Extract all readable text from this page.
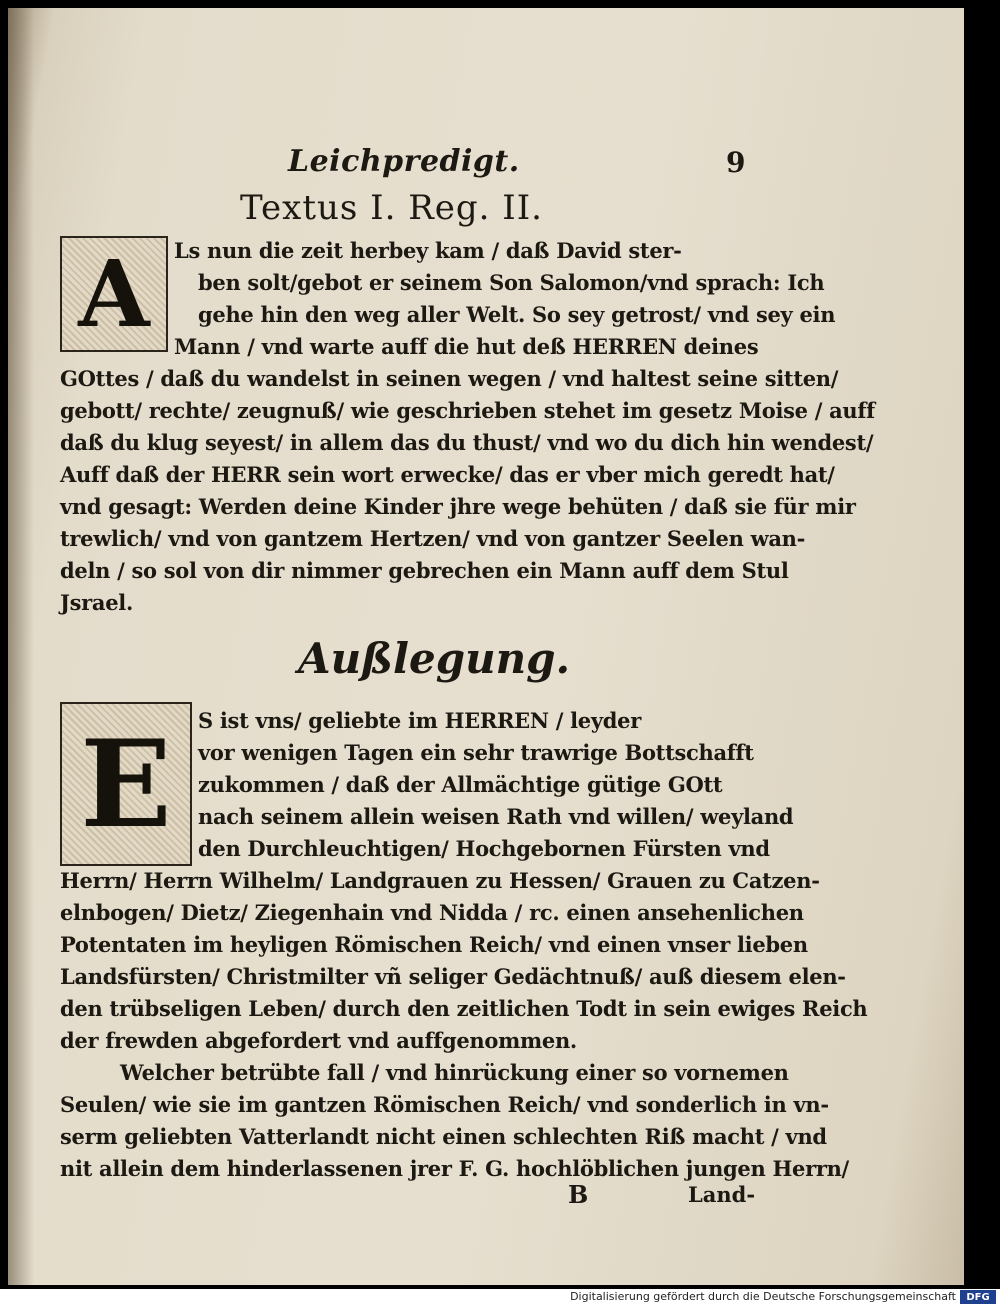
Leichpredigt.	9
Textus I. Reg. II.
A	Ls nun die zeit herbey kam / daß David ster-
ben solt/gebot er seinem Son Salomon/vnd sprach: Ich
gehe hin den weg aller Welt. So sey getrost/ vnd sey ein
Mann / vnd warte auff die hut deß HERREN deines
GOttes / daß du wandelst in seinen wegen / vnd haltest seine sitten/
gebott/ rechte/ zeugnuß/ wie geschrieben stehet im gesetz Moise / auff
daß du klug seyest/ in allem das du thust/ vnd wo du dich hin wendest/
Auff daß der HERR sein wort erwecke/ das er vber mich geredt hat/
vnd gesagt: Werden deine Kinder jhre wege behüten / daß sie für mir
trewlich/ vnd von gantzem Hertzen/ vnd von gantzer Seelen wan-
deln / so sol von dir nimmer gebrechen ein Mann auff dem Stul
Jsrael.
Außlegung.
E	S ist vns/ geliebte im HERREN / leyder
vor wenigen Tagen ein sehr trawrige Bottschafft
zukommen / daß der Allmächtige gütige GOtt
nach seinem allein weisen Rath vnd willen/ weyland
den Durchleuchtigen/ Hochgebornen Fürsten vnd
Herrn/ Herrn Wilhelm/ Landgrauen zu Hessen/ Grauen zu Catzen-
elnbogen/ Dietz/ Ziegenhain vnd Nidda / rc. einen ansehenlichen
Potentaten im heyligen Römischen Reich/ vnd einen vnser lieben
Landsfürsten/ Christmilter vñ seliger Gedächtnuß/ auß diesem elen-
den trübseligen Leben/ durch den zeitlichen Todt in sein ewiges Reich
der frewden abgefordert vnd auffgenommen.
Welcher betrübte fall / vnd hinrückung einer so vornemen
Seulen/ wie sie im gantzen Römischen Reich/ vnd sonderlich in vn-
serm geliebten Vatterlandt nicht einen schlechten Riß macht / vnd
nit allein dem hinderlassenen jrer F. G. hochlöblichen jungen Herrn/
B	Land-
Digitalisierung gefördert durch die Deutsche Forschungsgemeinschaft	DFG
